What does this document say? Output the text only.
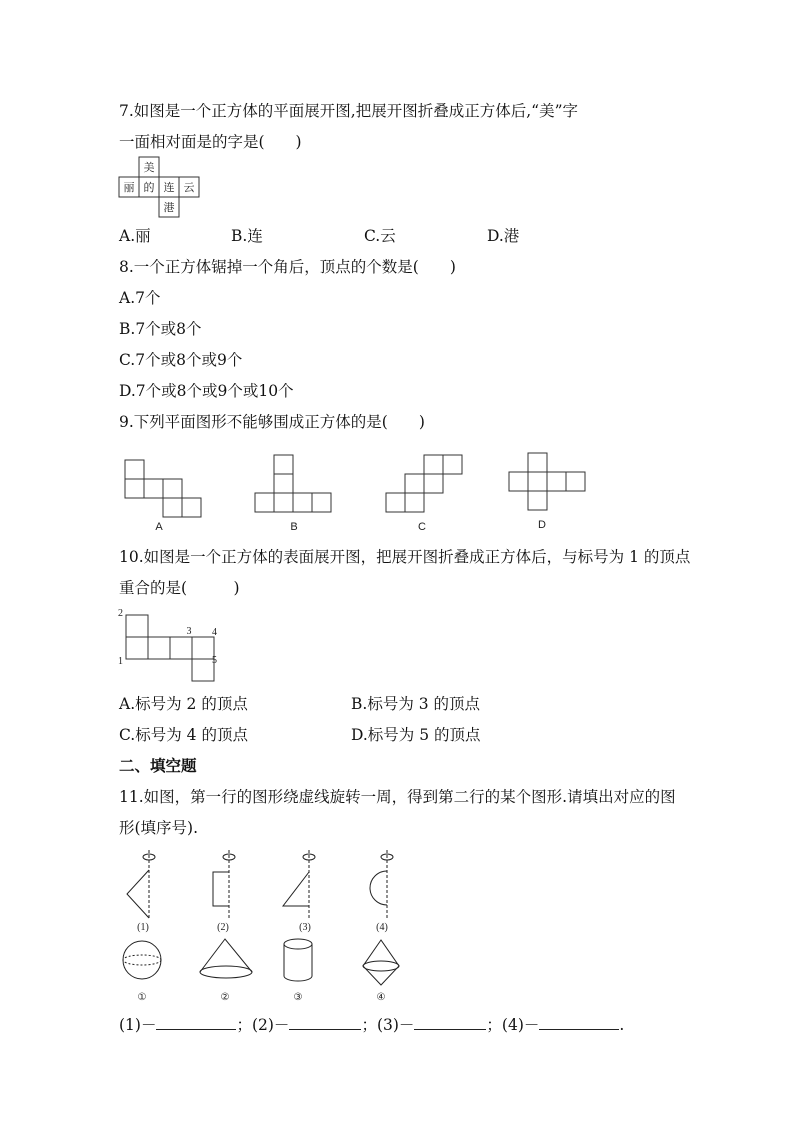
7.如图是一个正方体的平面展开图,把展开图折叠成正方体后,“美”字
一面相对面是的字是(　　)
美
丽 的 连 云
港
A.丽	B.连	C.云	D.港
8.一个正方体锯掉一个角后，顶点的个数是(　　)
A.7个
B.7个或8个
C.7个或8个或9个
D.7个或8个或9个或10个
9.下列平面图形不能够围成正方体的是(　　)
A	B	C	D
10.如图是一个正方体的表面展开图，把展开图折叠成正方体后，与标号为 1 的顶点
重合的是(　　　)
1
2
3 4
5
A.标号为 2 的顶点	B.标号为 3 的顶点
C.标号为 4 的顶点	D.标号为 5 的顶点
二、填空题
11.如图，第一行的图形绕虚线旋转一周，得到第二行的某个图形.请填出对应的图
形(填序号).
(1)	(2)	(3)	(4)
①	②	③	④
(1)－	；(2)－	；(3)－	；(4)－	.
